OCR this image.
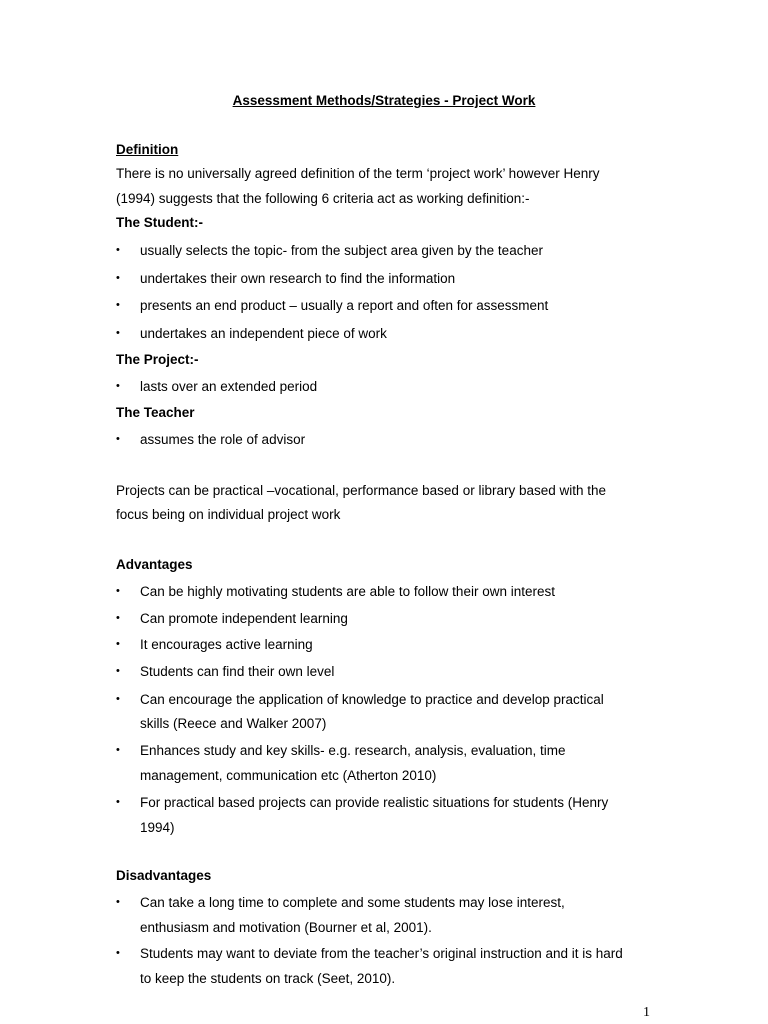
Assessment Methods/Strategies - Project Work
Definition
There is no universally agreed definition of the term ‘project work’ however Henry
(1994) suggests that the following 6 criteria act as working definition:-
The Student:-
•	usually selects the topic- from the subject area given by the teacher
•	undertakes their own research to find the information
•	presents an end product – usually a report and often for assessment
•	undertakes an independent piece of work
The Project:-
•	lasts over an extended period
The Teacher
•	assumes the role of advisor
Projects can be practical –vocational, performance based or library based with the
focus being on individual project work
Advantages
•	Can be highly motivating students are able to follow their own interest
•	Can promote independent learning
•	It encourages active learning
•	Students can find their own level
•	Can encourage the application of knowledge to practice and develop practical
skills (Reece and Walker 2007)
•	Enhances study and key skills- e.g. research, analysis, evaluation, time
management, communication etc (Atherton 2010)
•	For practical based projects can provide realistic situations for students (Henry
1994)
Disadvantages
•	Can take a long time to complete and some students may lose interest,
enthusiasm and motivation (Bourner et al, 2001).
•	Students may want to deviate from the teacher’s original instruction and it is hard
to keep the students on track (Seet, 2010).
1
